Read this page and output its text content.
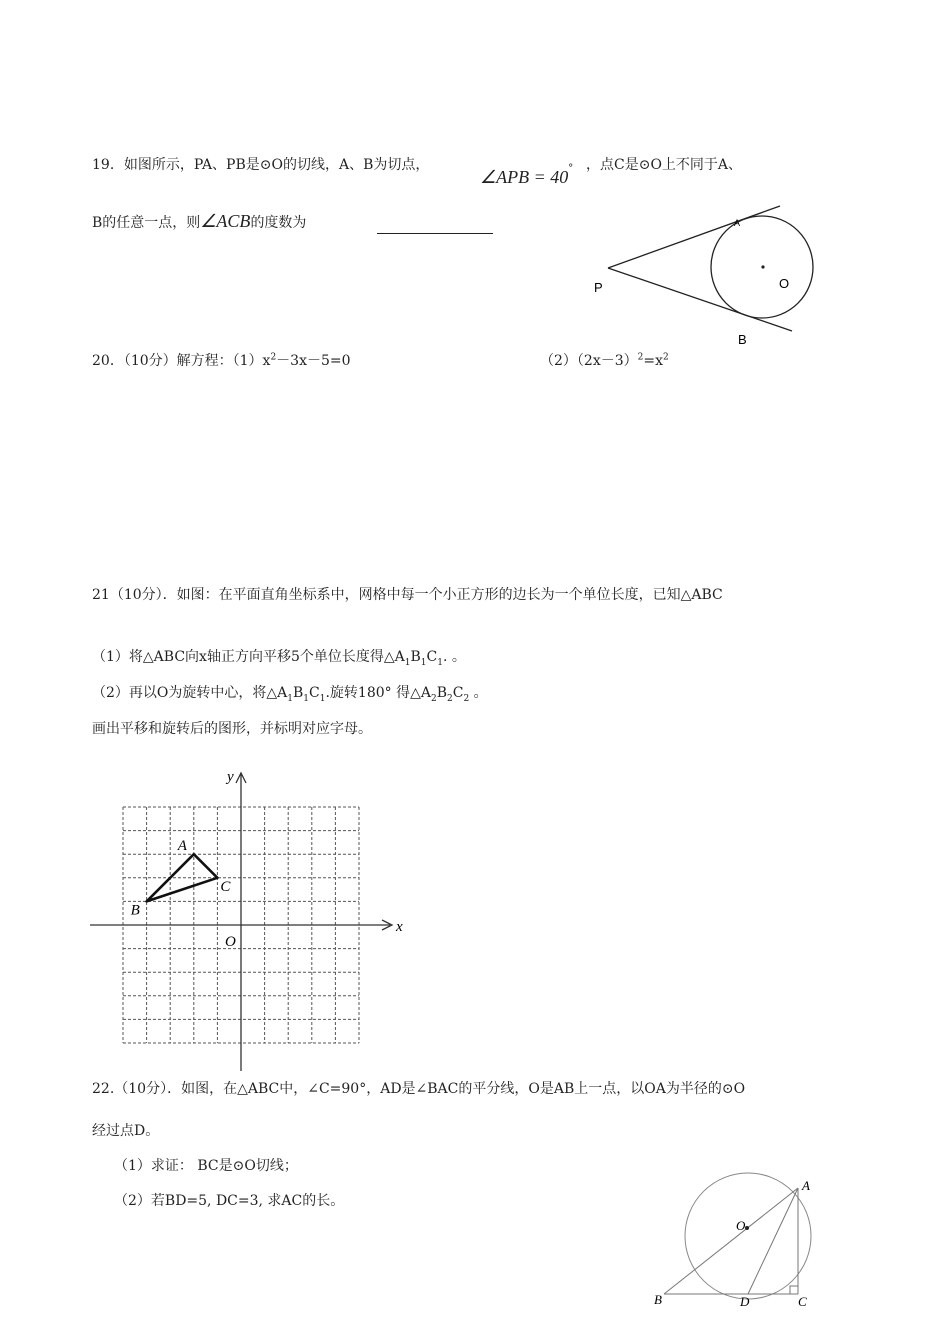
19．如图所示，PA、PB是⊙O的切线，A、B为切点，
∠APB = 40° ，点C是⊙O上不同于A、
B的任意一点，则∠ACB的度数为
P	O
B
A
20．（10分）解方程：$(1)x^2-3x-5=0$	$(2)(2x-3)^2=x^2$
21（10分）．如图：在平面直角坐标系中，网格中每一个小正方形的边长为一个单位长度，已知△ABC
（1）将△ABC向x轴正方向平移5个单位长度得$\triangle A_1B_1C_1$. 。
（2）再以O为旋转中心，将$\triangle A_1B_1C_1$.旋转180° 得$\triangle A_2B_2C_2$ 。
画出平移和旋转后的图形，并标明对应字母。
x
y
O
A
B
C
22.（10分）．如图，在△ABC中，∠C=90°，AD是∠BAC的平分线，O是AB上一点，以OA为半径的⊙O
经过点D。
（1）求证： BC是⊙O切线；
（2）若BD=5, DC=3, 求AC的长。
A
O
B	D	C
